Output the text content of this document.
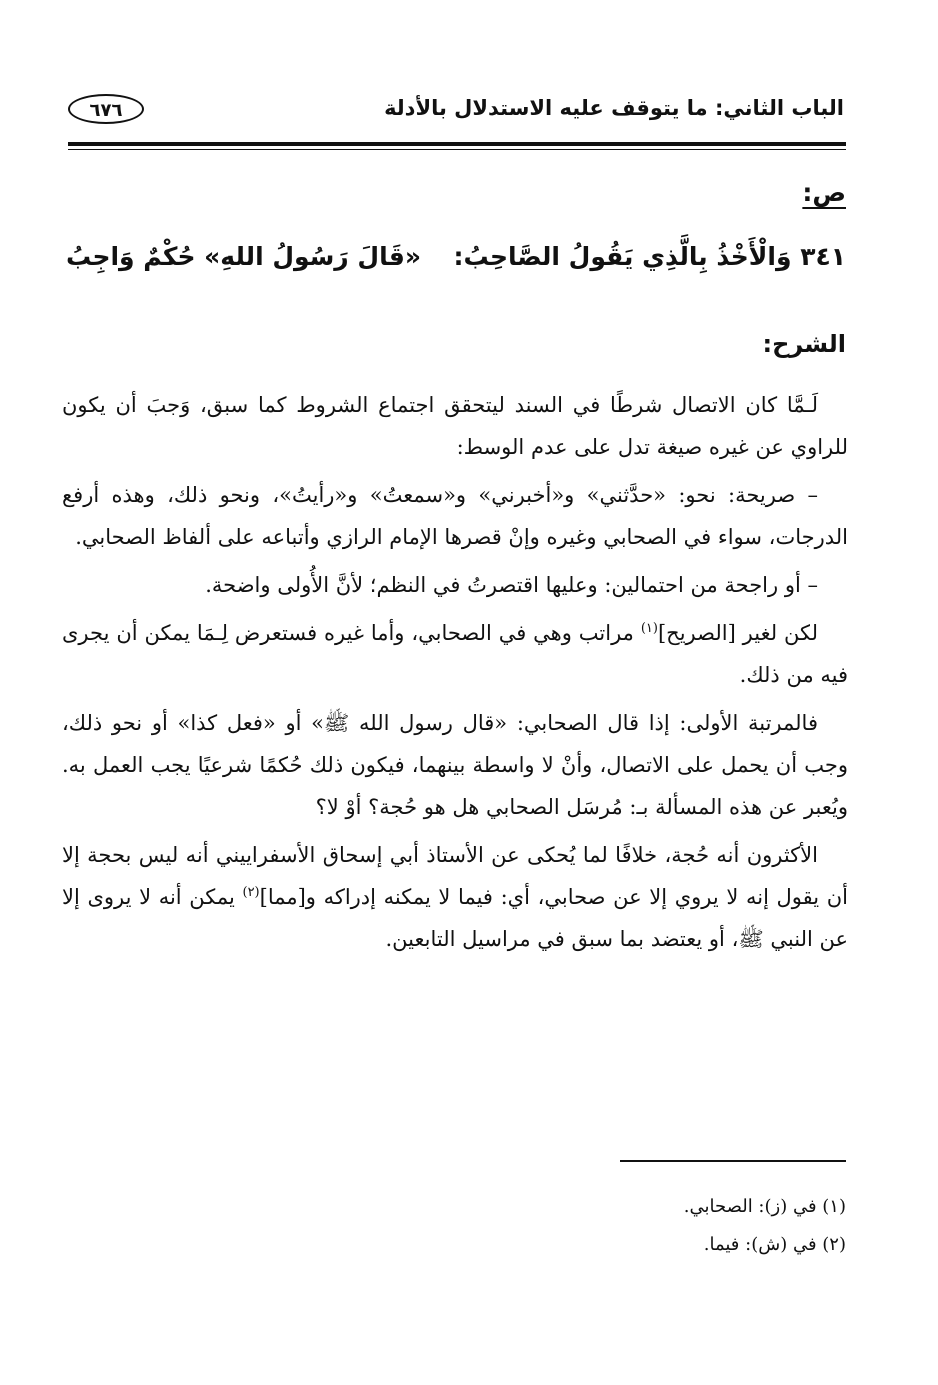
الباب الثاني: ما يتوقف عليه الاستدلال بالأدلة
٦٧٦
ص:
٣٤١ وَالْأَخْذُ بِالَّذِي يَقُولُ الصَّاحِبُ:
«قَالَ رَسُولُ اللهِ» حُكْمٌ وَاجِبُ
الشرح:

لَـمَّا كان الاتصال شرطًا في السند ليتحقق اجتماع الشروط كما سبق، وَجبَ أن يكون للراوي عن غيره صيغة تدل على عدم الوسط:

– صريحة: نحو: «حدَّثني» و«أخبرني» و«سمعتُ» و«رأيتُ»، ونحو ذلك، وهذه أرفع الدرجات، سواء في الصحابي وغيره وإنْ قصرها الإمام الرازي وأتباعه على ألفاظ الصحابي.

– أو راجحة من احتمالين: وعليها اقتصرتُ في النظم؛ لأنَّ الأُولى واضحة.

لكن لغير [الصريح]$^{(١)}$ مراتب وهي في الصحابي، وأما غيره فستعرض لِـمَا يمكن أن يجرى فيه من ذلك.

فالمرتبة الأولى: إذا قال الصحابي: «قال رسول الله ﷺ» أو «فعل كذا» أو نحو ذلك، وجب أن يحمل على الاتصال، وأنْ لا واسطة بينهما، فيكون ذلك حُكمًا شرعيًا يجب العمل به. ويُعبر عن هذه المسألة بـ: مُرسَل الصحابي هل هو حُجة؟ أوْ لا؟

الأكثرون أنه حُجة، خلافًا لما يُحكى عن الأستاذ أبي إسحاق الأسفراييني أنه ليس بحجة إلا أن يقول إنه لا يروي إلا عن صحابي، أي: فيما لا يمكنه إدراكه و[مما]$^{(٢)}$ يمكن أنه لا يروى إلا عن النبي ﷺ، أو يعتضد بما سبق في مراسيل التابعين.

(١) في (ز): الصحابي.
(٢) في (ش): فيما.
